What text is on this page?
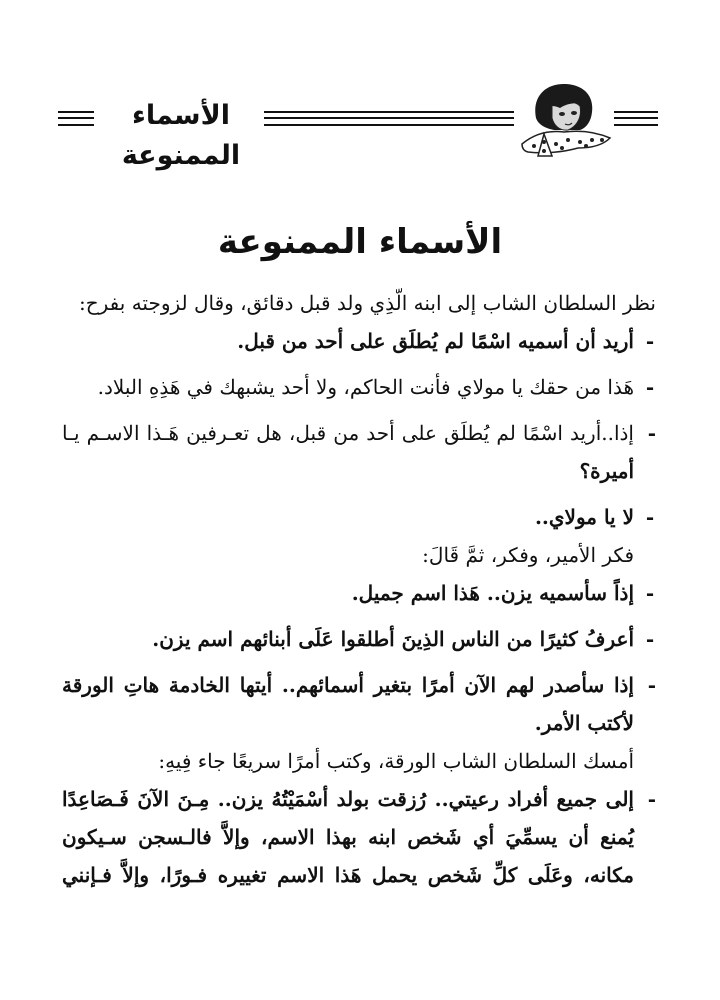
الأسماء الممنوعة
الأسماء الممنوعة
نظر السلطان الشاب إلى ابنه الّذِي ولد قبل دقائق، وقال لزوجته بفرح:
-
أريد أن أسميه اسْمًا لم يُطلَق على أحد من قبل.
-
هَذا من حقك يا مولاي فأنت الحاكم، ولا أحد يشبهك في هَذِهِ البلاد.
-
إذا..أريد اسْمًا لم يُطلَق على أحد من قبل، هل تعـرفين هَـذا الاسـم يـا
أميرة؟
-
لا يا مولاي..
فكر الأمير، وفكر، ثمَّ قَالَ:
-
إذاً سأسميه يزن.. هَذا اسم جميل.
-
أعرفُ كثيرًا من الناس الذِينَ أطلقوا عَلَى أبنائهم اسم يزن.
-
إذا سأصدر لهم الآن أمرًا بتغير أسمائهم.. أيتها الخادمة هاتِ الورقة
لأكتب الأمر.
أمسك السلطان الشاب الورقة، وكتب أمرًا سريعًا جاء فِيهِ:
-
إلى جميع أفراد رعيتي.. رُزقت بولد أسْمَيْتُهُ يزن.. مِـنَ الآنَ فَـصَاعِدًا
يُمنع أن يسمِّيَ أي شَخص ابنه بهذا الاسم، وإلاَّ فالـسجن سـيكون
مكانه، وعَلَى كلِّ شَخص يحمل هَذا الاسم تغييره فـورًا، وإلاَّ فـإنني
